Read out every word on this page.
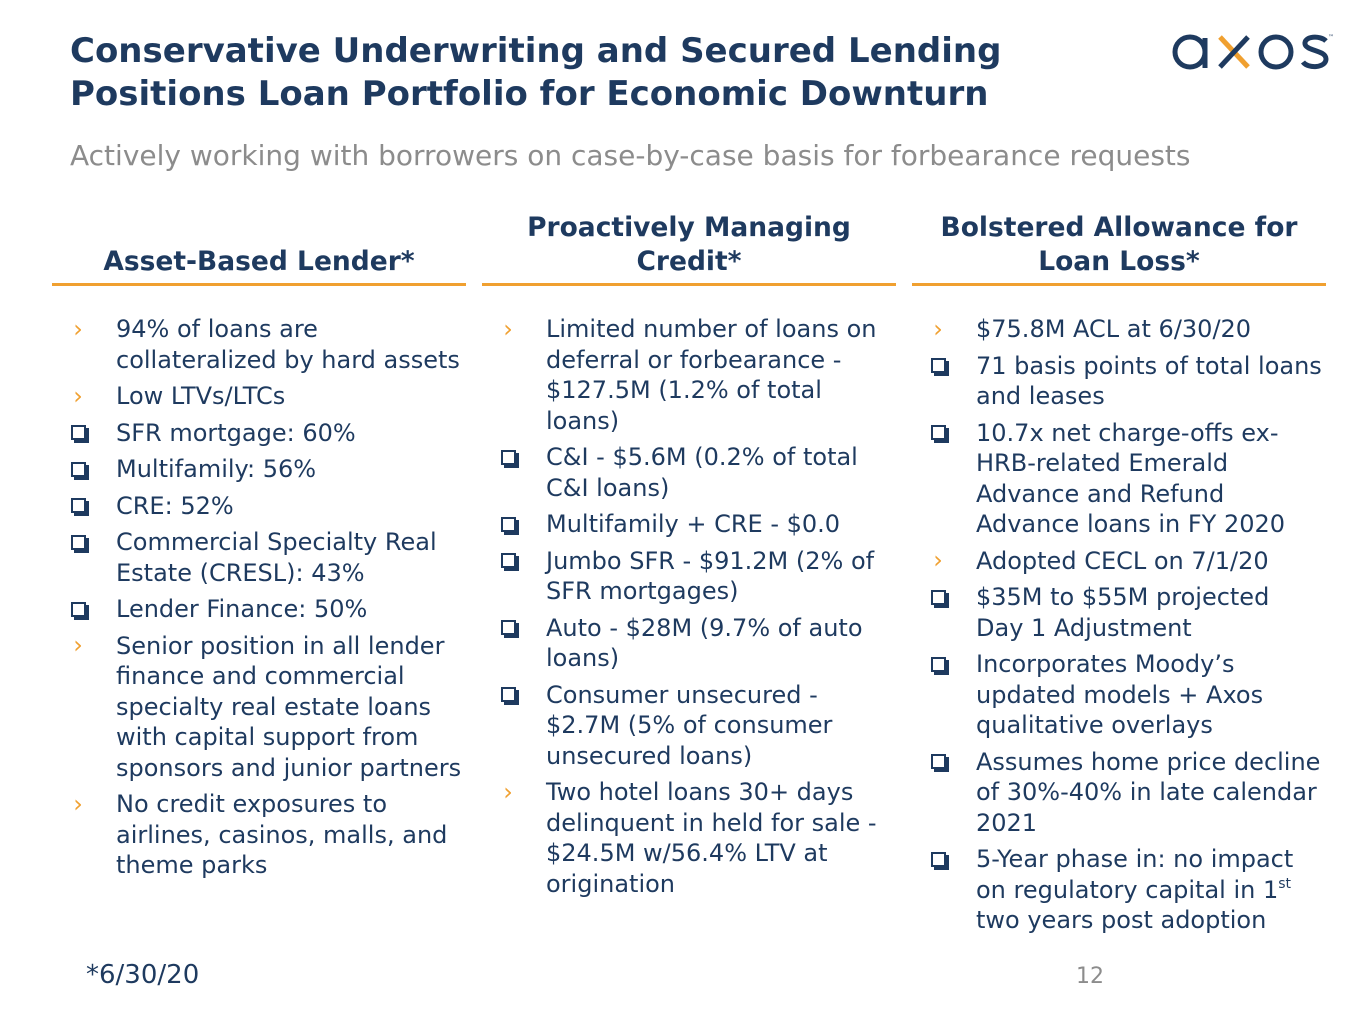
Conservative Underwriting and Secured Lending
Positions Loan Portfolio for Economic Downturn
™
Actively working with borrowers on case-by-case basis for forbearance requests
Asset-Based Lender*
› 94% of loans are collateralized by hard assets
› Low LTVs/LTCs
SFR mortgage: 60%
Multifamily: 56%
CRE: 52%
Commercial Specialty Real Estate (CRESL): 43%
Lender Finance: 50%
› Senior position in all lender finance and commercial specialty real estate loans with capital support from sponsors and junior partners
› No credit exposures to airlines, casinos, malls, and theme parks
Proactively Managing
Credit*
› Limited number of loans on deferral or forbearance - $127.5M (1.2% of total loans)
C&I - $5.6M (0.2% of total C&I loans)
Multifamily + CRE - $0.0
Jumbo SFR - $91.2M (2% of SFR mortgages)
Auto - $28M (9.7% of auto loans)
Consumer unsecured - $2.7M (5% of consumer unsecured loans)
› Two hotel loans 30+ days delinquent in held for sale - $24.5M w/56.4% LTV at origination
Bolstered Allowance for
Loan Loss*
› $75.8M ACL at 6/30/20
71 basis points of total loans and leases
10.7x net charge-offs ex-HRB-related Emerald Advance and Refund Advance loans in FY 2020
› Adopted CECL on 7/1/20
$35M to $55M projected Day 1 Adjustment
Incorporates Moody’s updated models + Axos qualitative overlays
Assumes home price decline of 30%-40% in late calendar 2021
5-Year phase in: no impact on regulatory capital in 1st two years post adoption
*6/30/20	12
